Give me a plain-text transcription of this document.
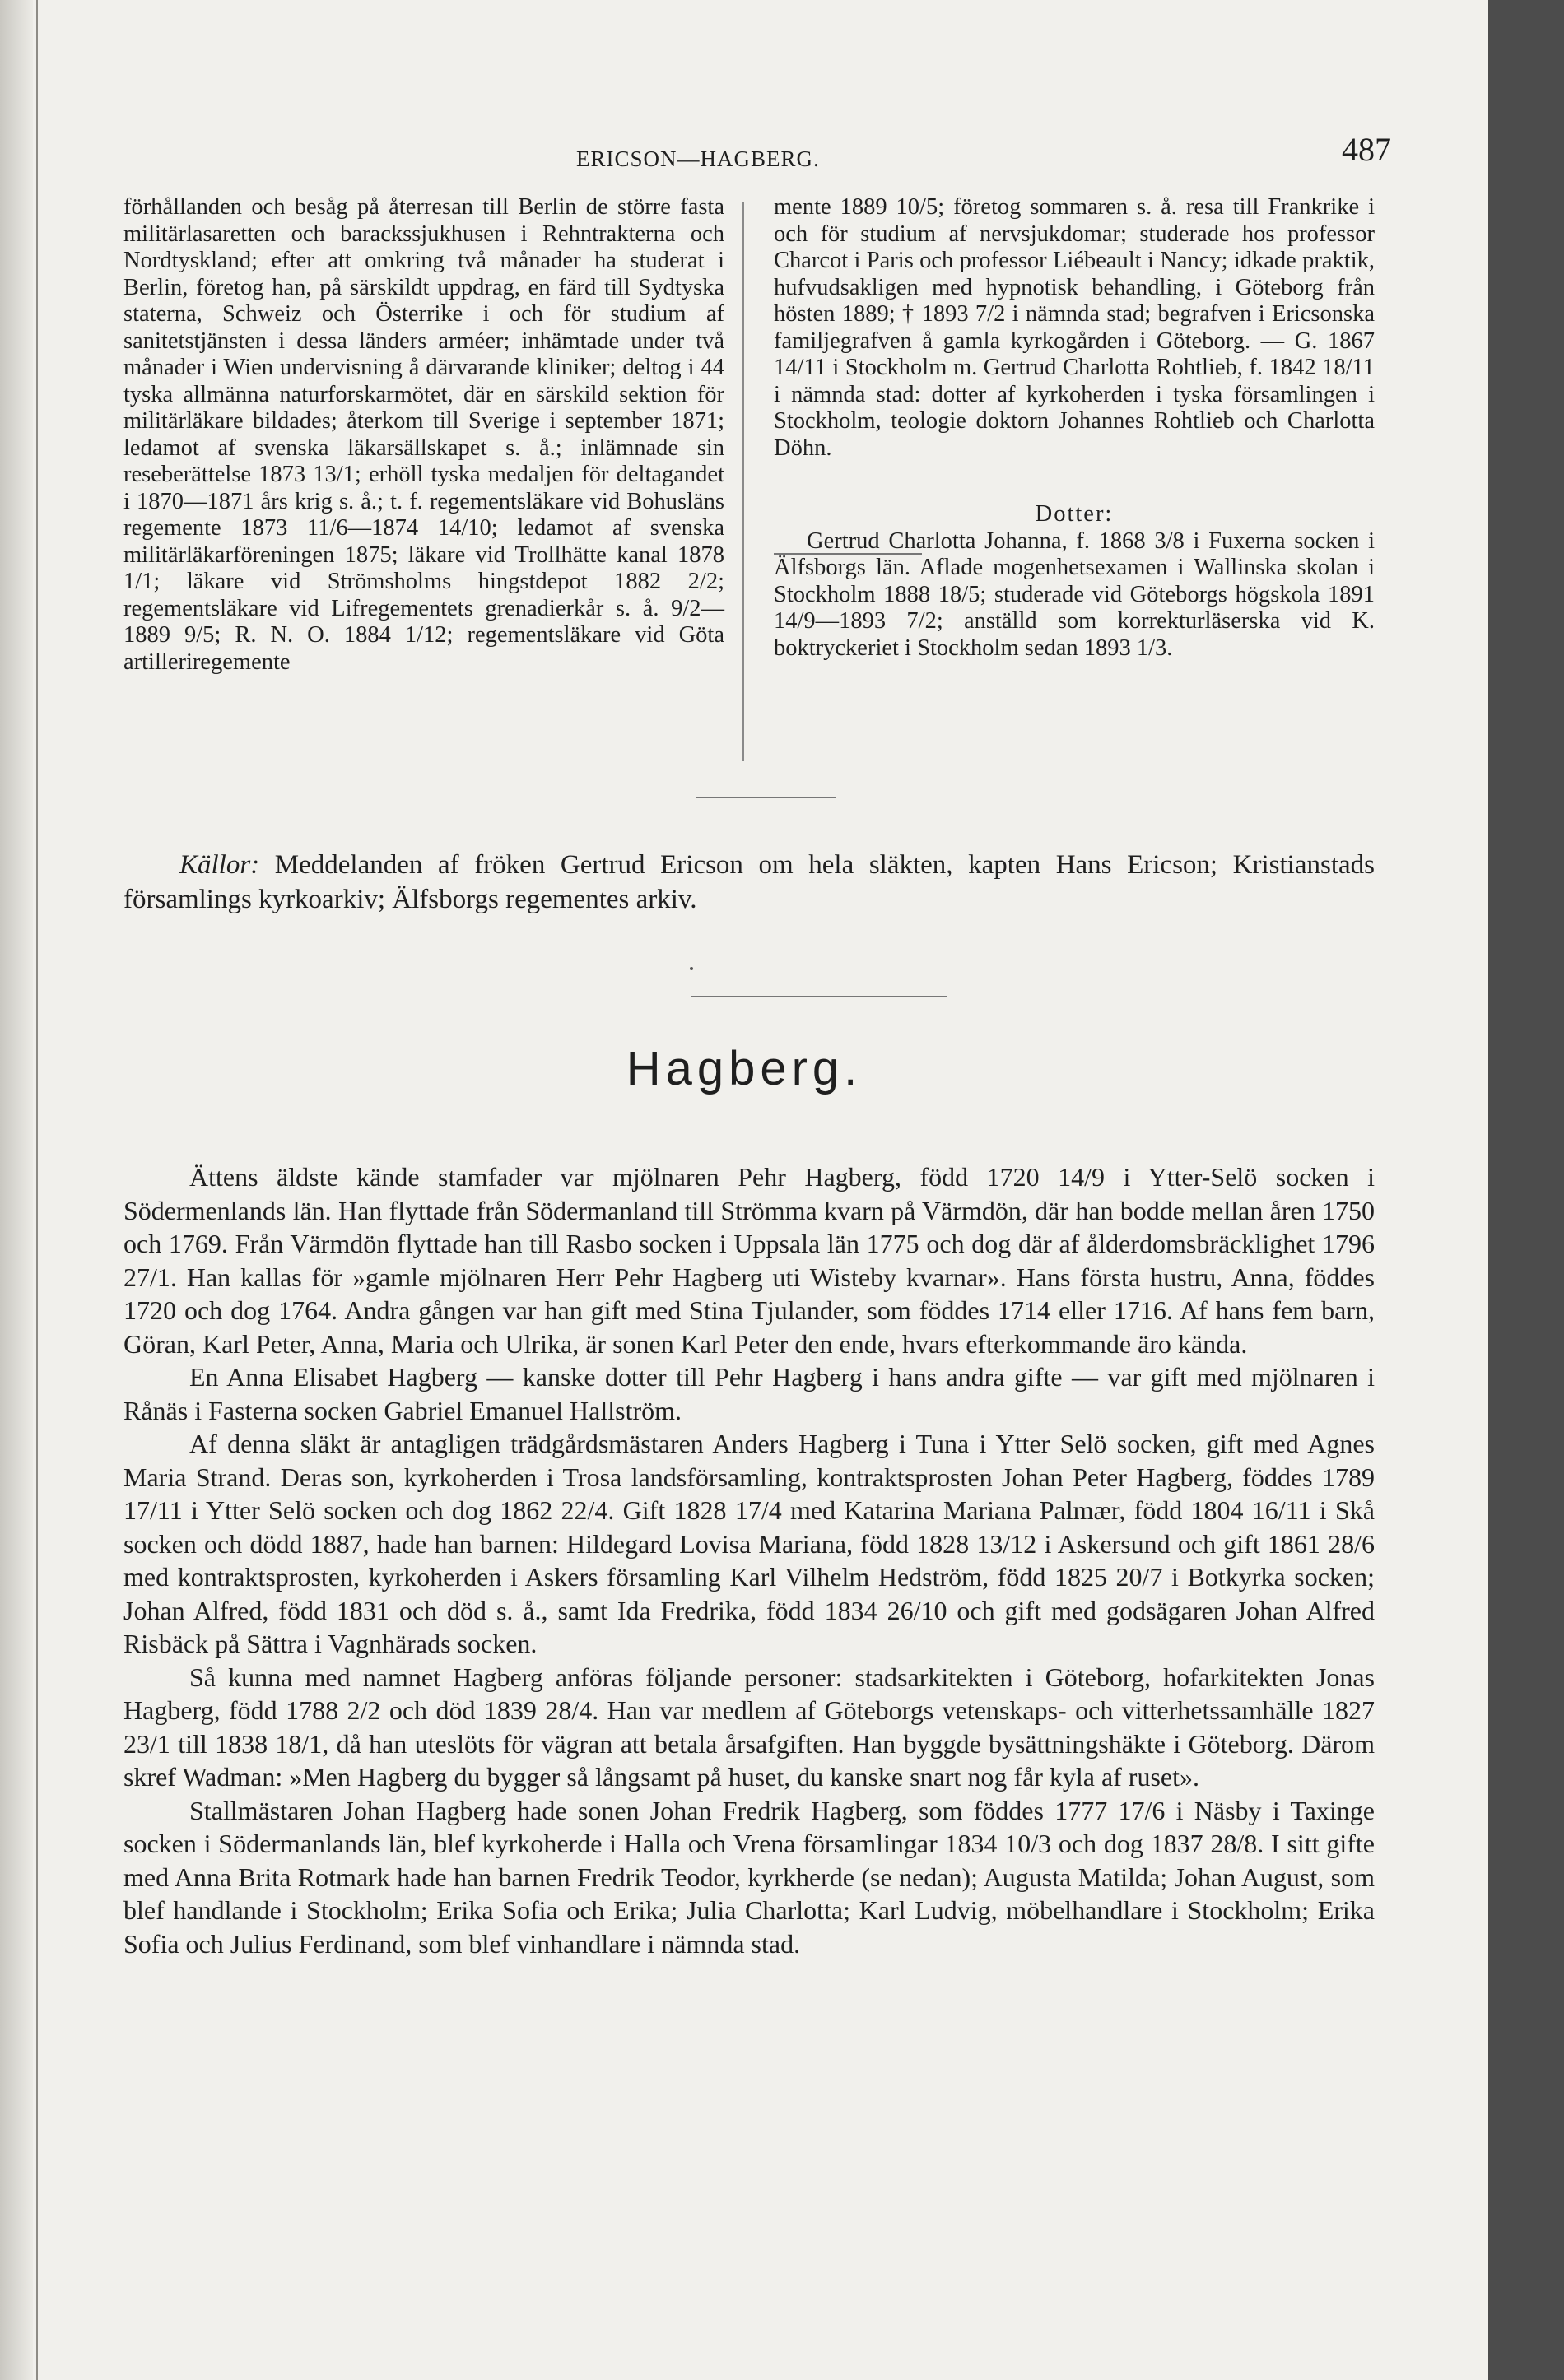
ERICSON—HAGBERG.	487

förhållanden och besåg på återresan till Berlin de större fasta militärlasaretten och barackssjukhusen i Rehntrakterna och Nordtyskland; efter att omkring två månader ha studerat i Berlin, företog han, på särskildt uppdrag, en färd till Sydtyska staterna, Schweiz och Österrike i och för studium af sanitetstjänsten i dessa länders arméer; inhämtade under två månader i Wien undervisning å därvarande kliniker; deltog i 44 tyska allmänna naturforskarmötet, där en särskild sektion för militärläkare bildades; återkom till Sverige i september 1871; ledamot af svenska läkarsällskapet s. å.; inlämnade sin reseberättelse 1873 13/1; erhöll tyska medaljen för deltagandet i 1870—1871 års krig s. å.; t. f. regementsläkare vid Bohusläns regemente 1873 11/6—1874 14/10; ledamot af svenska militärläkarföreningen 1875; läkare vid Trollhätte kanal 1878 1/1; läkare vid Strömsholms hingstdepot 1882 2/2; regementsläkare vid Lifregementets grenadierkår s. å. 9/2—1889 9/5; R. N. O. 1884 1/12; regementsläkare vid Göta artilleriregemente

mente 1889 10/5; företog sommaren s. å. resa till Frankrike i och för studium af nervsjukdomar; studerade hos professor Charcot i Paris och professor Liébeault i Nancy; idkade praktik, hufvudsakligen med hypnotisk behandling, i Göteborg från hösten 1889; † 1893 7/2 i nämnda stad; begrafven i Ericsonska familjegrafven å gamla kyrkogården i Göteborg. — G. 1867 14/11 i Stockholm m. Gertrud Charlotta Rohtlieb, f. 1842 18/11 i nämnda stad: dotter af kyrkoherden i tyska församlingen i Stockholm, teologie doktorn Johannes Rohtlieb och Charlotta Döhn.

Dotter:

Gertrud Charlotta Johanna, f. 1868 3/8 i Fuxerna socken i Älfsborgs län. Aflade mogenhetsexamen i Wallinska skolan i Stockholm 1888 18/5; studerade vid Göteborgs högskola 1891 14/9—1893 7/2; anställd som korrekturläserska vid K. boktryckeriet i Stockholm sedan 1893 1/3.

Källor: Meddelanden af fröken Gertrud Ericson om hela släkten, kapten Hans Ericson; Kristianstads församlings kyrkoarkiv; Älfsborgs regementes arkiv.
Hagberg.

Ättens äldste kände stamfader var mjölnaren Pehr Hagberg, född 1720 14/9 i Ytter-Selö socken i Södermenlands län. Han flyttade från Södermanland till Strömma kvarn på Värmdön, där han bodde mellan åren 1750 och 1769. Från Värmdön flyttade han till Rasbo socken i Uppsala län 1775 och dog där af ålderdomsbräcklighet 1796 27/1. Han kallas för »gamle mjölnaren Herr Pehr Hagberg uti Wisteby kvarnar». Hans första hustru, Anna, föddes 1720 och dog 1764. Andra gången var han gift med Stina Tjulander, som föddes 1714 eller 1716. Af hans fem barn, Göran, Karl Peter, Anna, Maria och Ulrika, är sonen Karl Peter den ende, hvars efterkommande äro kända.

En Anna Elisabet Hagberg — kanske dotter till Pehr Hagberg i hans andra gifte — var gift med mjölnaren i Rånäs i Fasterna socken Gabriel Emanuel Hallström.

Af denna släkt är antagligen trädgårdsmästaren Anders Hagberg i Tuna i Ytter Selö socken, gift med Agnes Maria Strand. Deras son, kyrkoherden i Trosa landsförsamling, kontraktsprosten Johan Peter Hagberg, föddes 1789 17/11 i Ytter Selö socken och dog 1862 22/4. Gift 1828 17/4 med Katarina Mariana Palmær, född 1804 16/11 i Skå socken och dödd 1887, hade han barnen: Hildegard Lovisa Mariana, född 1828 13/12 i Askersund och gift 1861 28/6 med kontraktsprosten, kyrkoherden i Askers församling Karl Vilhelm Hedström, född 1825 20/7 i Botkyrka socken; Johan Alfred, född 1831 och död s. å., samt Ida Fredrika, född 1834 26/10 och gift med godsägaren Johan Alfred Risbäck på Sättra i Vagnhärads socken.

Så kunna med namnet Hagberg anföras följande personer: stadsarkitekten i Göteborg, hofarkitekten Jonas Hagberg, född 1788 2/2 och död 1839 28/4. Han var medlem af Göteborgs vetenskaps- och vitterhetssamhälle 1827 23/1 till 1838 18/1, då han uteslöts för vägran att betala årsafgiften. Han byggde bysättningshäkte i Göteborg. Därom skref Wadman: »Men Hagberg du bygger så långsamt på huset, du kanske snart nog får kyla af ruset».

Stallmästaren Johan Hagberg hade sonen Johan Fredrik Hagberg, som föddes 1777 17/6 i Näsby i Taxinge socken i Södermanlands län, blef kyrkoherde i Halla och Vrena församlingar 1834 10/3 och dog 1837 28/8. I sitt gifte med Anna Brita Rotmark hade han barnen Fredrik Teodor, kyrkherde (se nedan); Augusta Matilda; Johan August, som blef handlande i Stockholm; Erika Sofia och Erika; Julia Charlotta; Karl Ludvig, möbelhandlare i Stockholm; Erika Sofia och Julius Ferdinand, som blef vinhandlare i nämnda stad.
